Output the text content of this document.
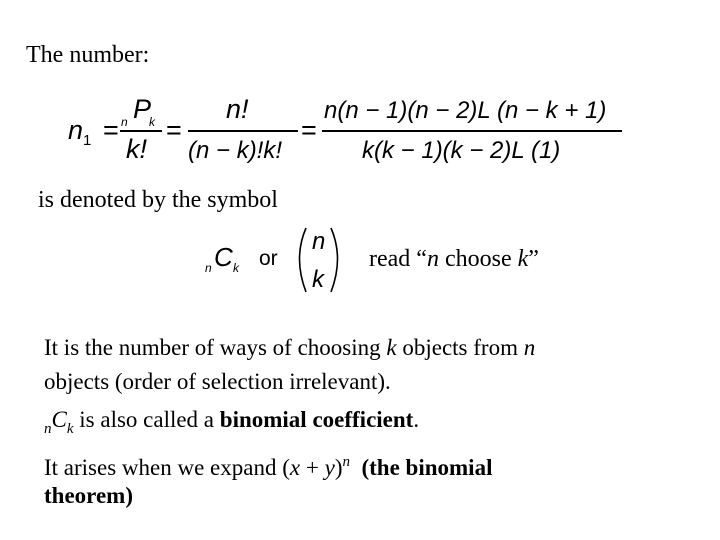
The number:
n 1 = n P
k
k!
=
n!
(n − k)!k!
=
n(n − 1)(n − 2)L (n − k + 1)
k(k − 1)(k − 2)L (1)
is denoted by the symbol
n C k or
n
k
read “n choose k”
It is the number of ways of choosing k objects from n
objects (order of selection irrelevant).
$_nC_k$ is also called a binomial coefficient.
It arises when we expand $(x + y)^n$  (the binomial
theorem)
